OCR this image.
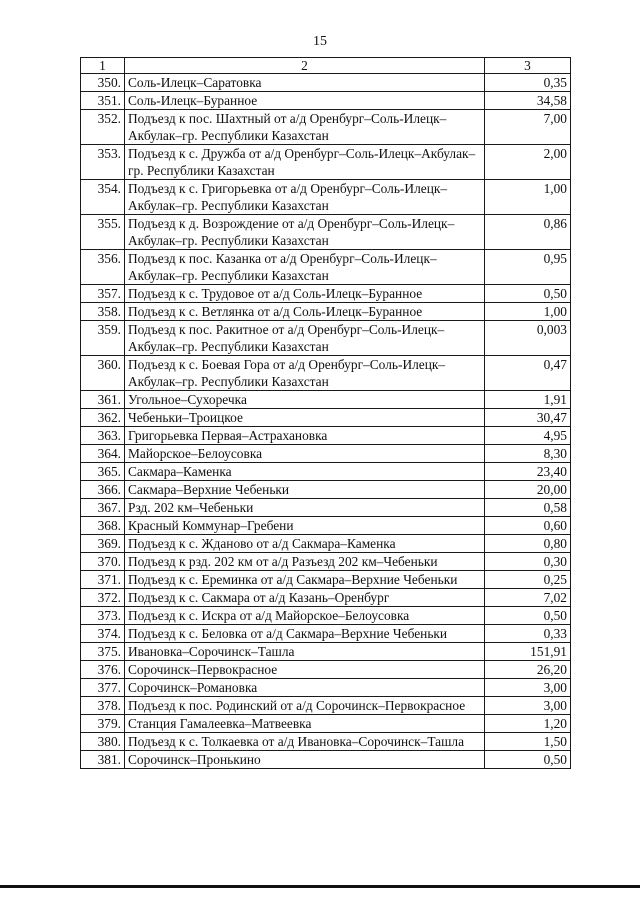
15
1	2	3
350.	Соль-Илецк–Саратовка	0,35
351.	Соль-Илецк–Буранное	34,58
352.	Подъезд к пос. Шахтный от а/д Оренбург–Соль-Илецк–Акбулак–гр. Республики Казахстан	7,00
353.	Подъезд к с. Дружба от а/д Оренбург–Соль-Илецк–Акбулак–гр. Республики Казахстан	2,00
354.	Подъезд к с. Григорьевка от а/д Оренбург–Соль-Илецк–Акбулак–гр. Республики Казахстан	1,00
355.	Подъезд к д. Возрождение от а/д Оренбург–Соль-Илецк–Акбулак–гр. Республики Казахстан	0,86
356.	Подъезд к пос. Казанка от а/д Оренбург–Соль-Илецк–Акбулак–гр. Республики Казахстан	0,95
357.	Подъезд к с. Трудовое от а/д Соль-Илецк–Буранное	0,50
358.	Подъезд к с. Ветлянка от а/д Соль-Илецк–Буранное	1,00
359.	Подъезд к пос. Ракитное от а/д Оренбург–Соль-Илецк–Акбулак–гр. Республики Казахстан	0,003
360.	Подъезд к с. Боевая Гора от а/д Оренбург–Соль-Илецк–Акбулак–гр. Республики Казахстан	0,47
361.	Угольное–Сухоречка	1,91
362.	Чебеньки–Троицкое	30,47
363.	Григорьевка Первая–Астрахановка	4,95
364.	Майорское–Белоусовка	8,30
365.	Сакмара–Каменка	23,40
366.	Сакмара–Верхние Чебеньки	20,00
367.	Рзд. 202 км–Чебеньки	0,58
368.	Красный Коммунар–Гребени	0,60
369.	Подъезд к с. Жданово от а/д Сакмара–Каменка	0,80
370.	Подъезд к рзд. 202 км от а/д Разъезд 202 км–Чебеньки	0,30
371.	Подъезд к с. Ереминка от а/д Сакмара–Верхние Чебеньки	0,25
372.	Подъезд к с. Сакмара от а/д Казань–Оренбург	7,02
373.	Подъезд к с. Искра от а/д Майорское–Белоусовка	0,50
374.	Подъезд к с. Беловка от а/д Сакмара–Верхние Чебеньки	0,33
375.	Ивановка–Сорочинск–Ташла	151,91
376.	Сорочинск–Первокрасное	26,20
377.	Сорочинск–Романовка	3,00
378.	Подъезд к пос. Родинский от а/д Сорочинск–Первокрасное	3,00
379.	Станция Гамалеевка–Матвеевка	1,20
380.	Подъезд к с. Толкаевка от а/д Ивановка–Сорочинск–Ташла	1,50
381.	Сорочинск–Пронькино	0,50
